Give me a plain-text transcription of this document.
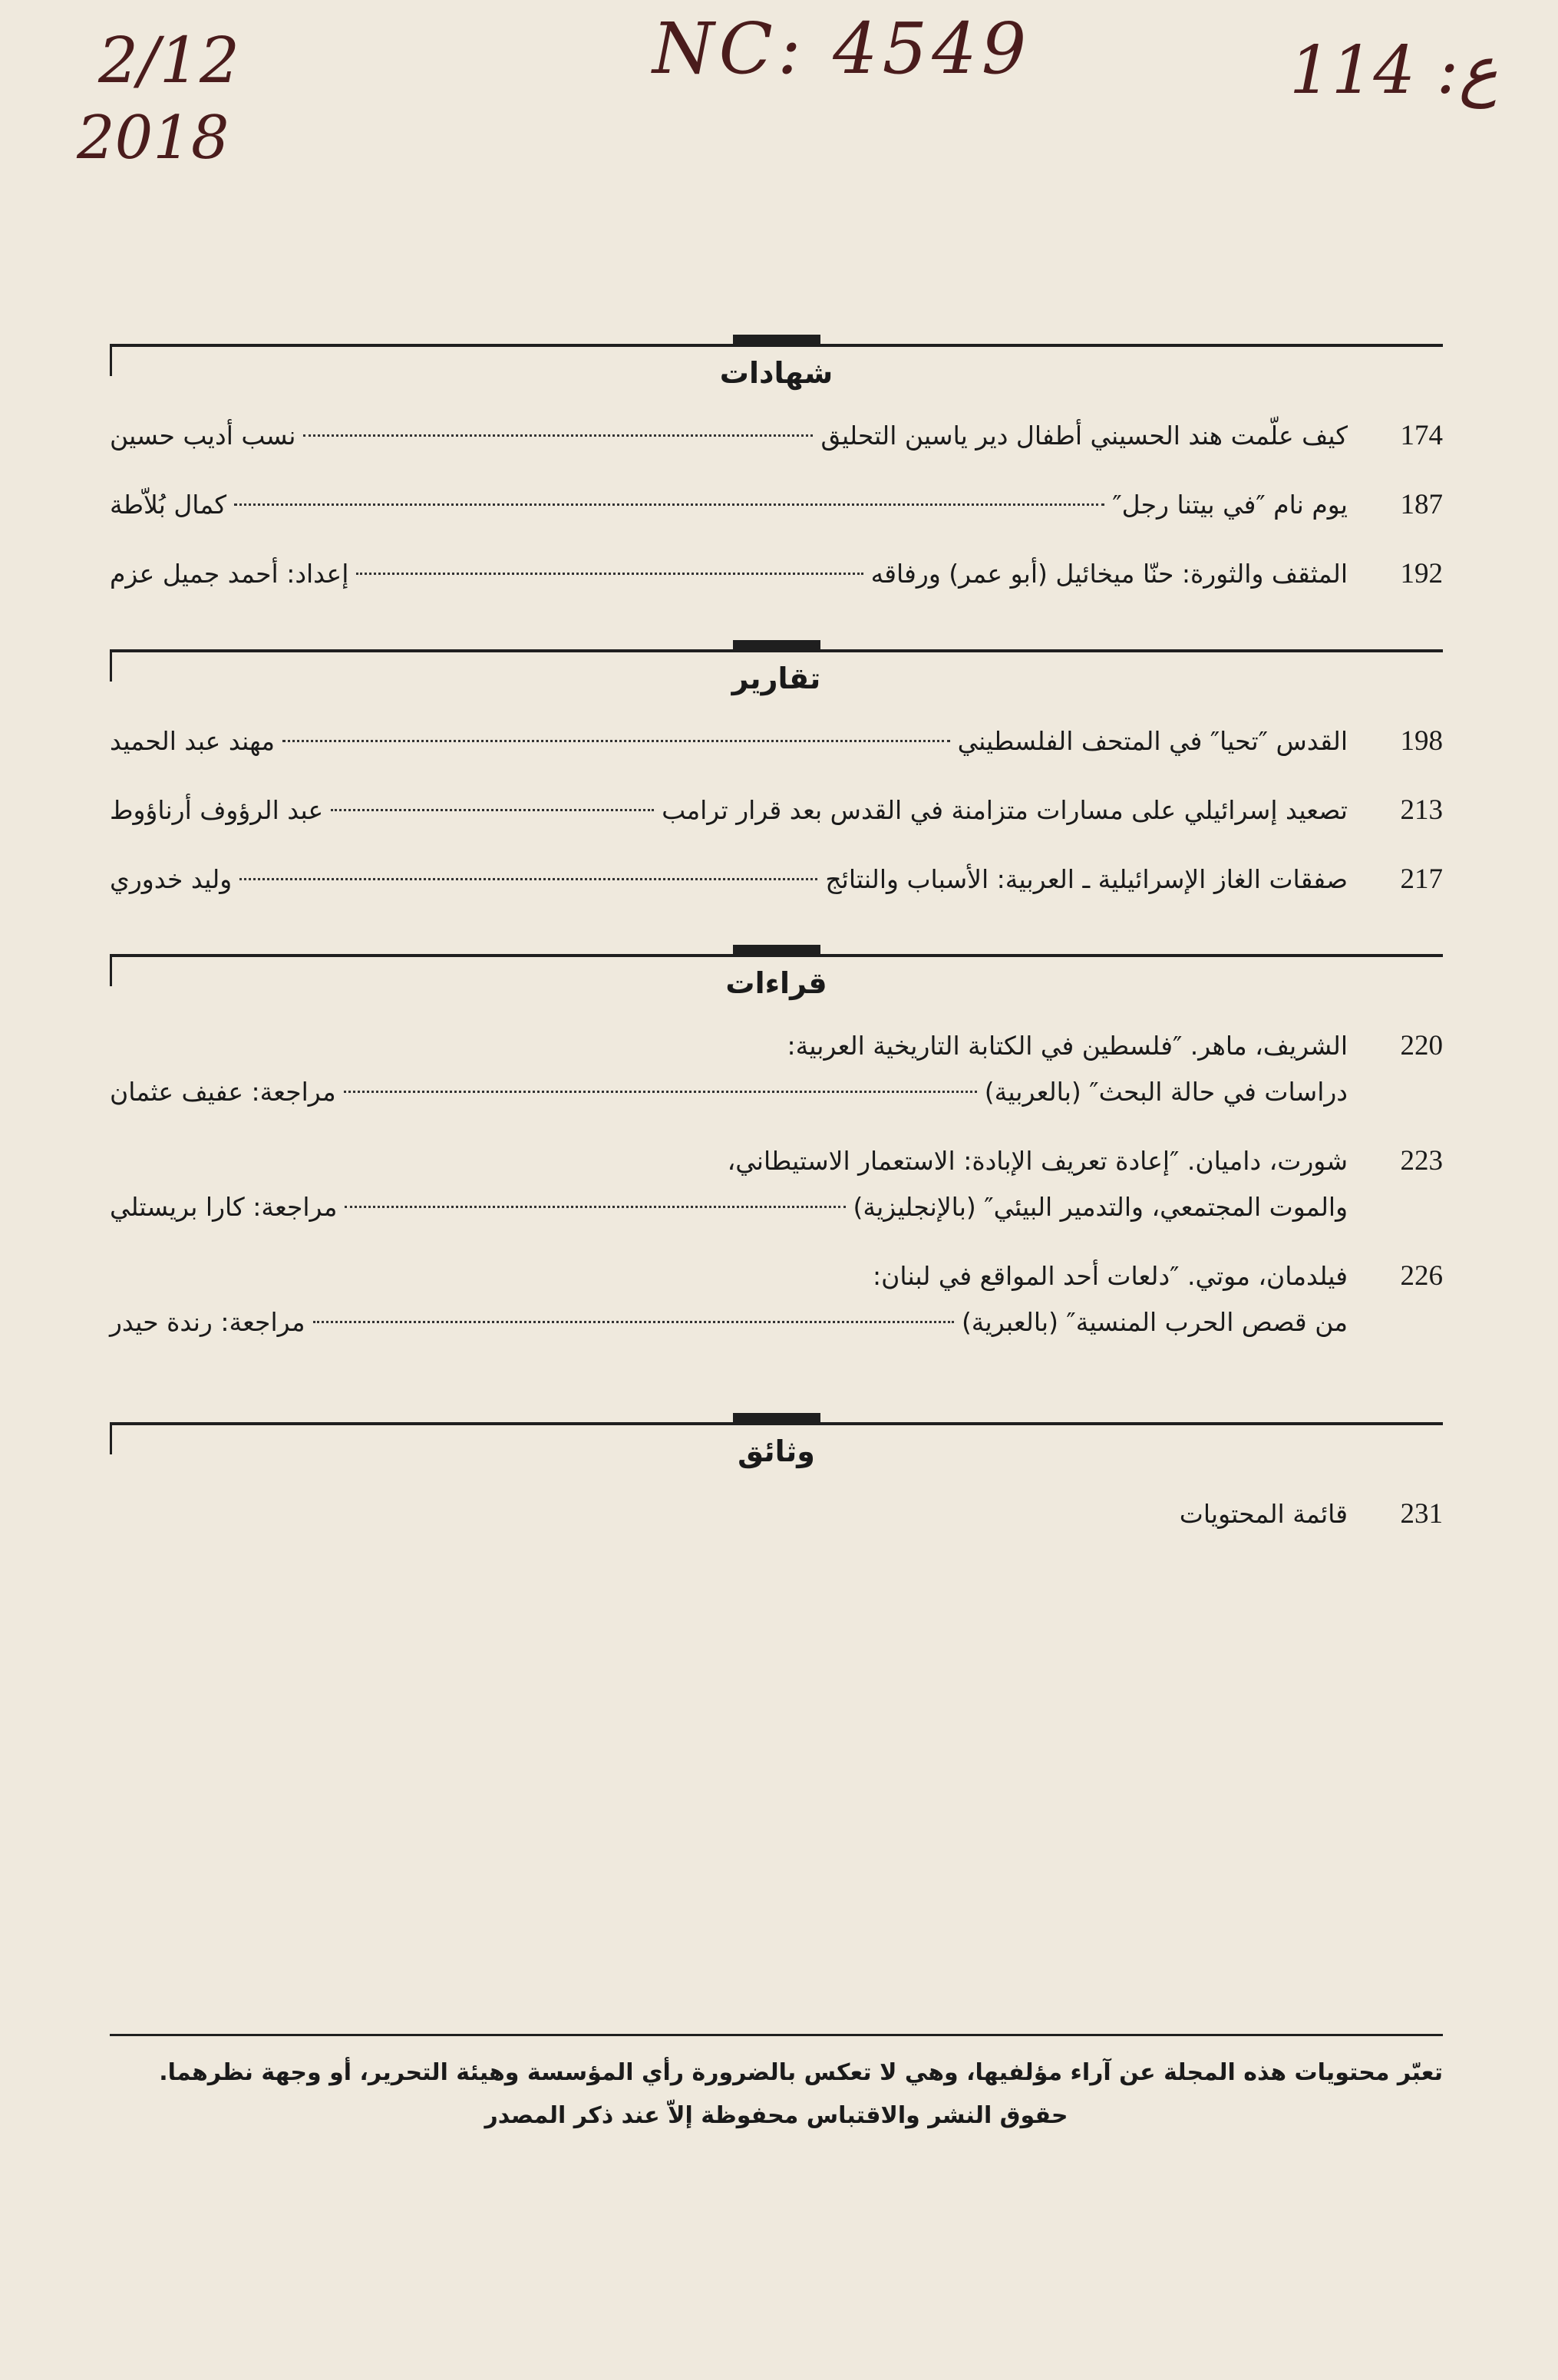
2/12
2018
NC: 4549	ع: 114
شهادات
174
كيف علّمت هند الحسيني أطفال دير ياسين التحليق
نسب أديب حسين
187
يوم نام ″في بيتنا رجل″
كمال بُلاّطة
192
المثقف والثورة: حنّا ميخائيل (أبو عمر) ورفاقه
إعداد: أحمد جميل عزم
تقارير
198
القدس ″تحيا″ في المتحف الفلسطيني
مهند عبد الحميد
213
تصعيد إسرائيلي على مسارات متزامنة في القدس بعد قرار ترامب
عبد الرؤوف أرناؤوط
217
صفقات الغاز الإسرائيلية ـ العربية: الأسباب والنتائج
وليد خدوري
قراءات
220
الشريف، ماهر. ″فلسطين في الكتابة التاريخية العربية:
دراسات في حالة البحث″ (بالعربية)
مراجعة: عفيف عثمان
223
شورت، داميان. ″إعادة تعريف الإبادة: الاستعمار الاستيطاني،
والموت المجتمعي، والتدمير البيئي″ (بالإنجليزية)
مراجعة: كارا بريستلي
226
فيلدمان، موتي. ″دلعات أحد المواقع في لبنان:
من قصص الحرب المنسية″ (بالعبرية)
مراجعة: رندة حيدر
وثائق
231
قائمة المحتويات
تعبّر محتويات هذه المجلة عن آراء مؤلفيها، وهي لا تعكس بالضرورة رأي المؤسسة وهيئة التحرير، أو وجهة نظرهما.
حقوق النشر والاقتباس محفوظة إلاّ عند ذكر المصدر
